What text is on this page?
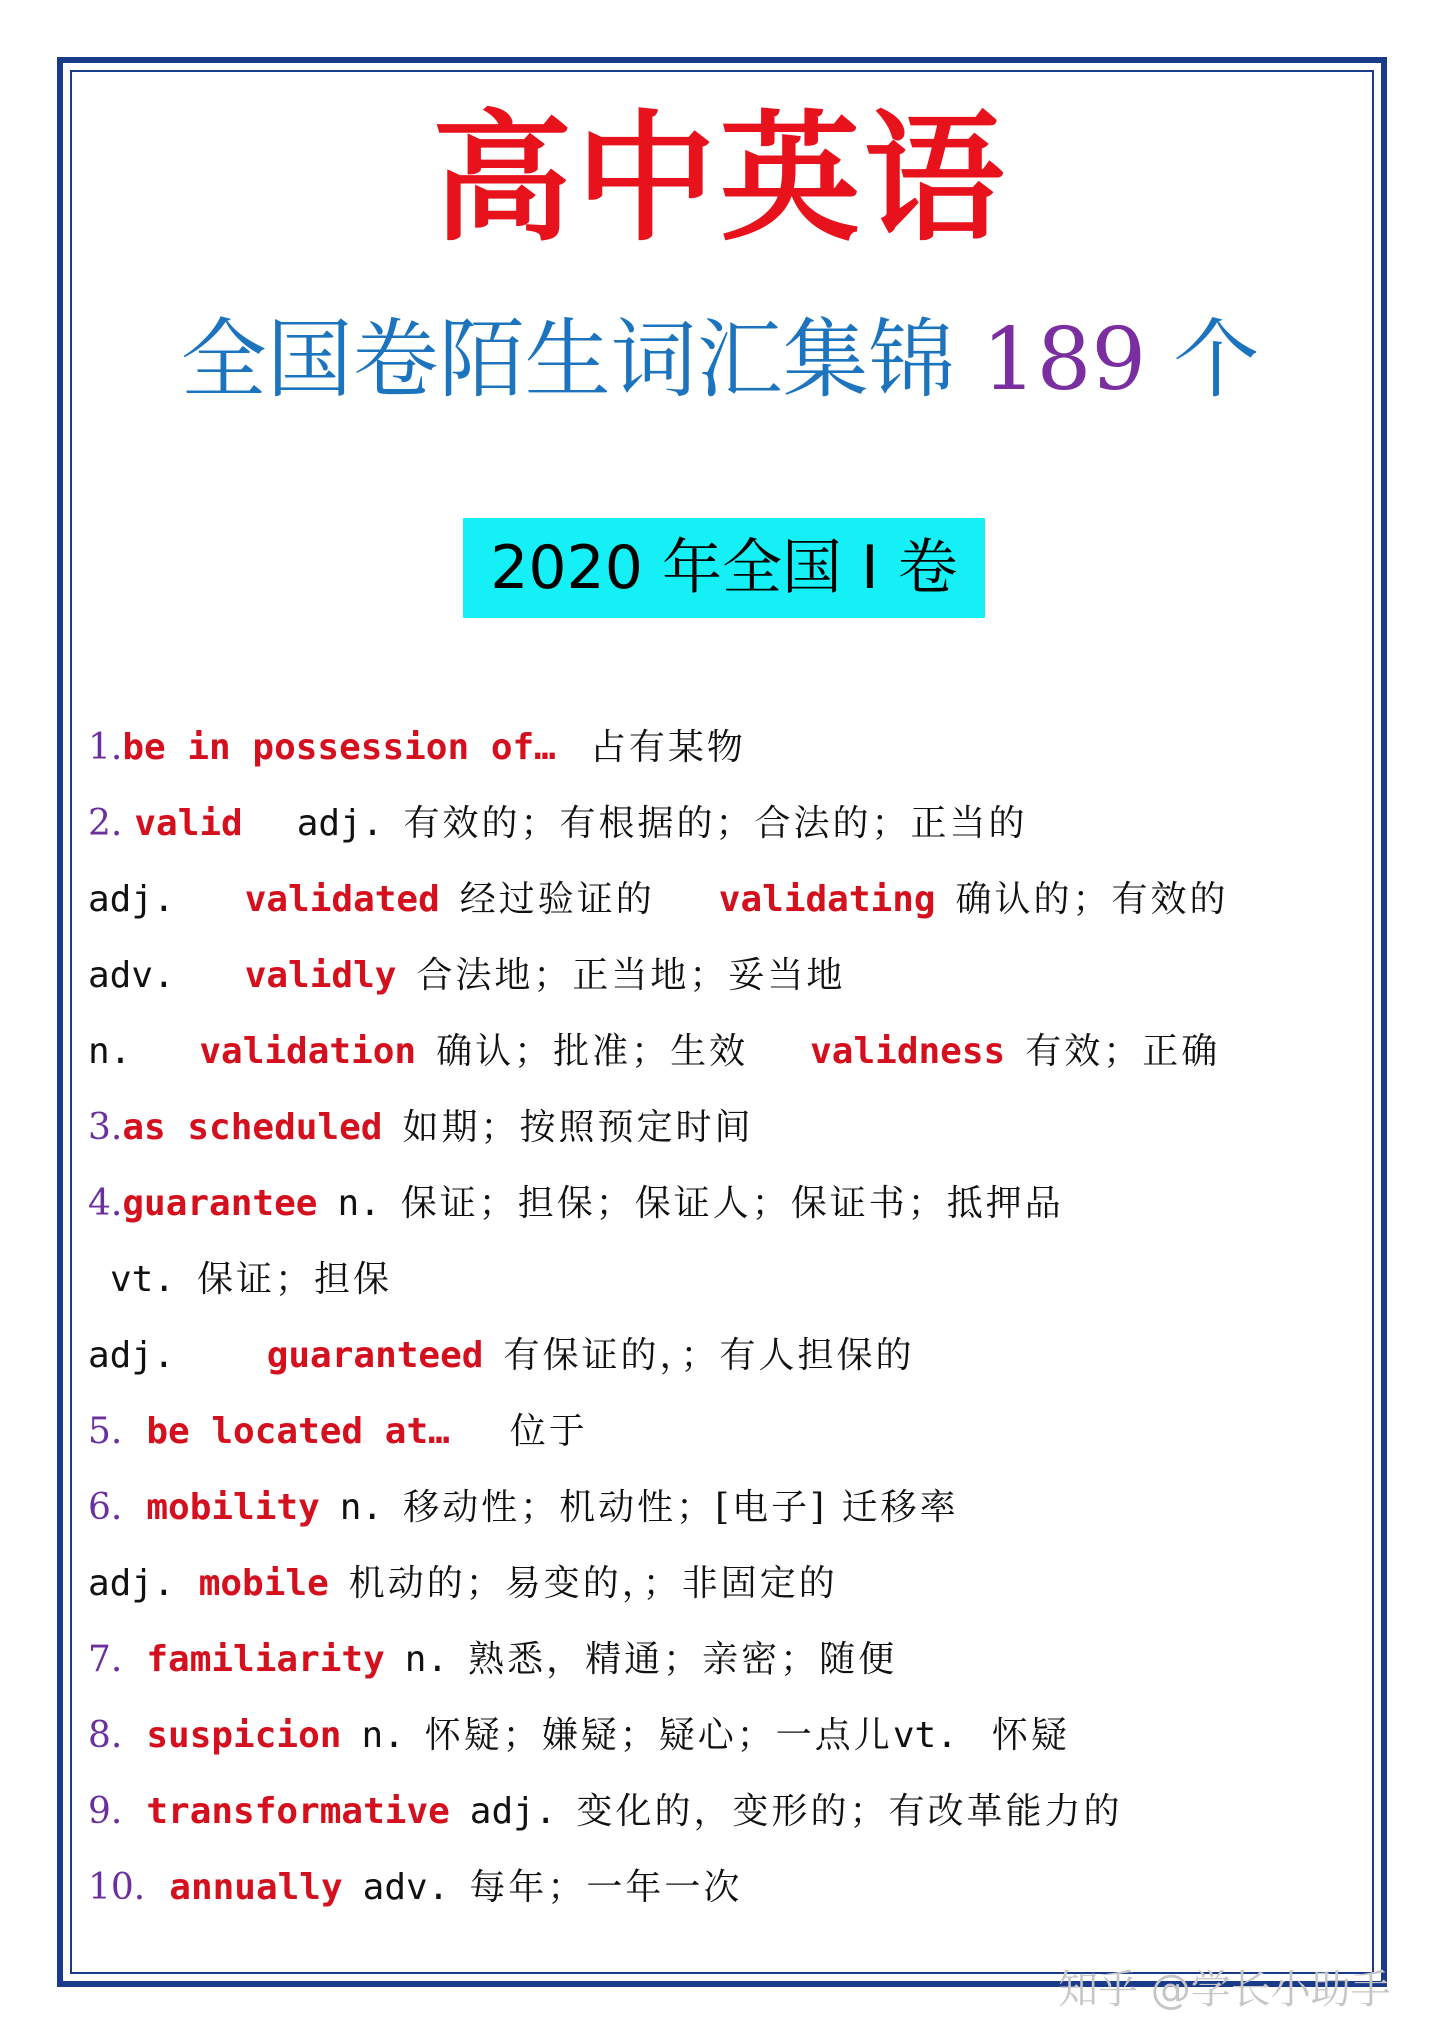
高中英语
全国卷陌生词汇集锦 189 个
2020 年全国 I 卷
1.be in possession of… 占有某物
2. valid adj. 有效的；有根据的；合法的；正当的
adj. validated 经过验证的 validating 确认的；有效的
adv. validly 合法地；正当地；妥当地
n. validation 确认；批准；生效 validness 有效；正确
3.as scheduled 如期；按照预定时间
4.guarantee n. 保证；担保；保证人；保证书；抵押品
vt. 保证；担保
adj.	guaranteed 有保证的，；有人担保的
5. be located at… 位于
6. mobility n. 移动性；机动性；[电子] 迁移率
adj. mobile 机动的；易变的，；非固定的
7. familiarity n. 熟悉，精通；亲密；随便
8. suspicion n. 怀疑；嫌疑；疑心；一点儿vt. 怀疑
9. transformative adj. 变化的，变形的；有改革能力的
10. annually adv. 每年；一年一次
知乎 @学长小助手
